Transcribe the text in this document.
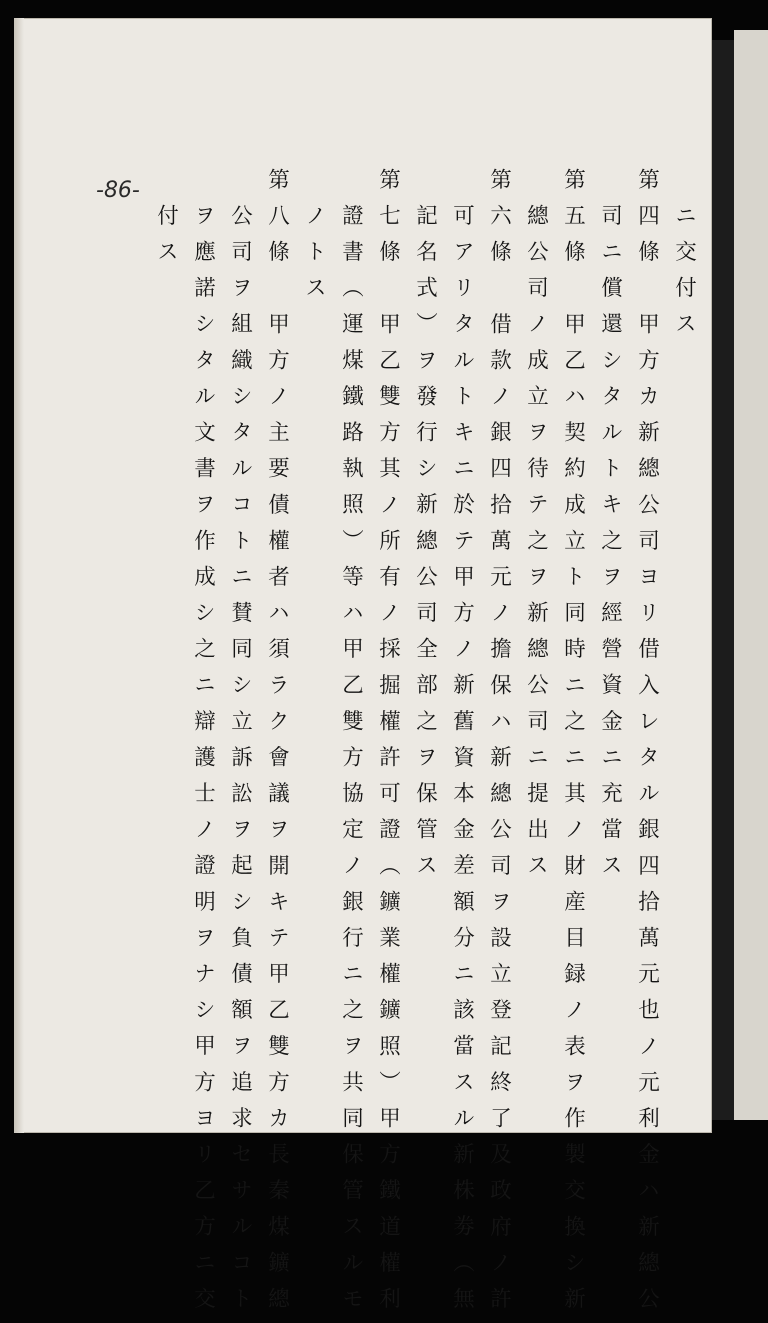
-86-
ニ交付ス
第四條　甲方カ新總公司ヨリ借入レタル銀四拾萬元也ノ元利金ハ新總公
司ニ償還シタルトキ之ヲ經營資金ニ充當ス
第五條　甲乙ハ契約成立ト同時ニ之ニ其ノ財産目録ノ表ヲ作製交換シ新
總公司ノ成立ヲ待テ之ヲ新總公司ニ提出ス
第六條　借款ノ銀四拾萬元ノ擔保ハ新總公司ヲ設立登記終了及政府ノ許
可アリタルトキニ於テ甲方ノ新舊資本金差額分ニ該當スル新株劵（無
記名式）ヲ發行シ新總公司全部之ヲ保管ス
第七條　甲乙雙方其ノ所有ノ採掘權許可證（鑛業權鑛照）甲方鐵道權利
證書（運煤鐵路執照）等ハ甲乙雙方協定ノ銀行ニ之ヲ共同保管スルモ
ノトス
第八條　甲方ノ主要債權者ハ須ラク會議ヲ開キテ甲乙雙方カ長秦煤鑛總
公司ヲ組織シタルコトニ賛同シ立訴訟ヲ起シ負債額ヲ追求セサルコト
ヲ應諾シタル文書ヲ作成シ之ニ辯護士ノ證明ヲナシ甲方ヨリ乙方ニ交
付ス
